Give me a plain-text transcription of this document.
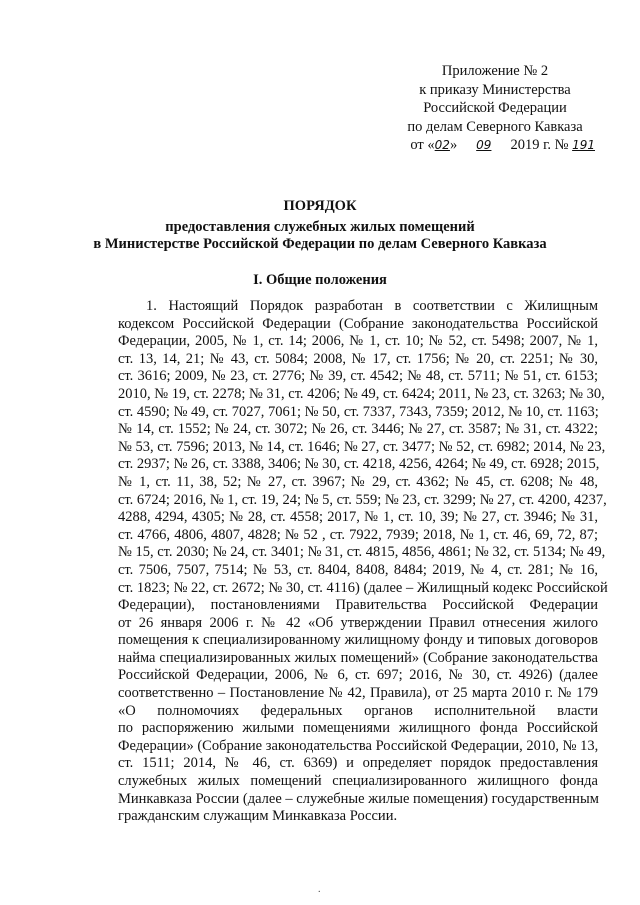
Приложение № 2
к приказу Министерства
Российской Федерации
по делам Северного Кавказа
от «02» 09 2019 г. № 191
ПОРЯДОК
предоставления служебных жилых помещений
в Министерстве Российской Федерации по делам Северного Кавказа
I. Общие положения
1. Настоящий Порядок разработан в соответствии с Жилищным
кодексом Российской Федерации (Собрание законодательства Российской
Федерации, 2005, № 1, ст. 14; 2006, № 1, ст. 10; № 52, ст. 5498; 2007, № 1,
ст. 13, 14, 21; № 43, ст. 5084; 2008, № 17, ст. 1756; № 20, ст. 2251; № 30,
ст. 3616; 2009, № 23, ст. 2776; № 39, ст. 4542; № 48, ст. 5711; № 51, ст. 6153;
2010, № 19, ст. 2278; № 31, ст. 4206; № 49, ст. 6424; 2011, № 23, ст. 3263; № 30,
ст. 4590; № 49, ст. 7027, 7061; № 50, ст. 7337, 7343, 7359; 2012, № 10, ст. 1163;
№ 14, ст. 1552; № 24, ст. 3072; № 26, ст. 3446; № 27, ст. 3587; № 31, ст. 4322;
№ 53, ст. 7596; 2013, № 14, ст. 1646; № 27, ст. 3477; № 52, ст. 6982; 2014, № 23,
ст. 2937; № 26, ст. 3388, 3406; № 30, ст. 4218, 4256, 4264; № 49, ст. 6928; 2015,
№ 1, ст. 11, 38, 52; № 27, ст. 3967; № 29, ст. 4362; № 45, ст. 6208; № 48,
ст. 6724; 2016, № 1, ст. 19, 24; № 5, ст. 559; № 23, ст. 3299; № 27, ст. 4200, 4237,
4288, 4294, 4305; № 28, ст. 4558; 2017, № 1, ст. 10, 39; № 27, ст. 3946; № 31,
ст. 4766, 4806, 4807, 4828; № 52 , ст. 7922, 7939; 2018, № 1, ст. 46, 69, 72, 87;
№ 15, ст. 2030; № 24, ст. 3401; № 31, ст. 4815, 4856, 4861; № 32, ст. 5134; № 49,
ст. 7506, 7507, 7514; № 53, ст. 8404, 8408, 8484; 2019, № 4, ст. 281; № 16,
ст. 1823; № 22, ст. 2672; № 30, ст. 4116) (далее – Жилищный кодекс Российской
Федерации), постановлениями Правительства Российской Федерации
от 26 января 2006 г. № 42 «Об утверждении Правил отнесения жилого
помещения к специализированному жилищному фонду и типовых договоров
найма специализированных жилых помещений» (Собрание законодательства
Российской Федерации, 2006, № 6, ст. 697; 2016, № 30, ст. 4926) (далее
соответственно – Постановление № 42, Правила), от 25 марта 2010 г. № 179
«О полномочиях федеральных органов исполнительной власти
по распоряжению жилыми помещениями жилищного фонда Российской
Федерации» (Собрание законодательства Российской Федерации, 2010, № 13,
ст. 1511; 2014, № 46, ст. 6369) и определяет порядок предоставления
служебных жилых помещений специализированного жилищного фонда
Минкавказа России (далее – служебные жилые помещения) государственным
гражданским служащим Минкавказа России.
.
